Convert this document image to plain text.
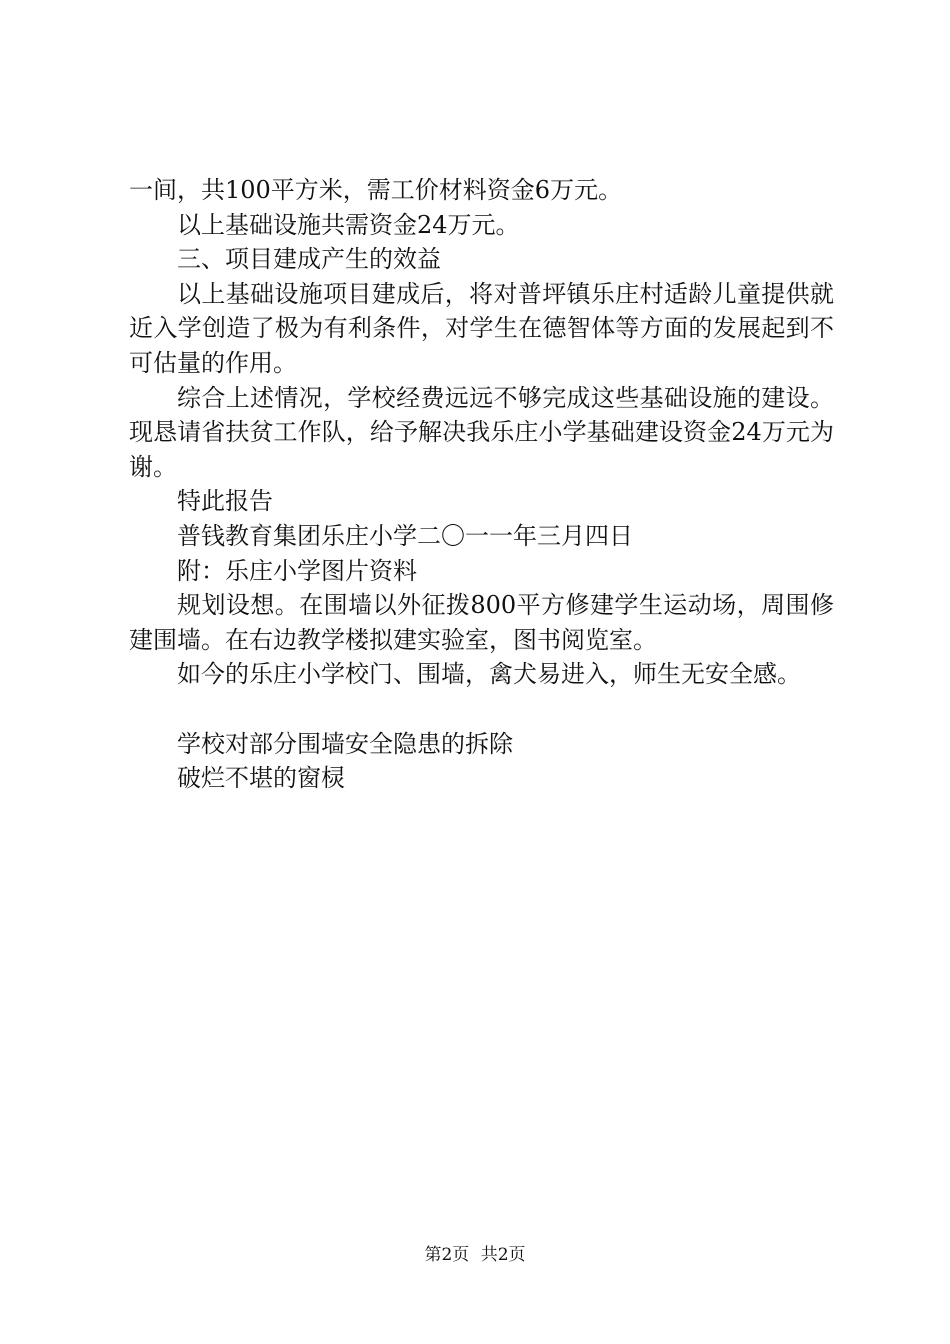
一间，共100平方米，需工价材料资金6万元。

以上基础设施共需资金24万元。

三、项目建成产生的效益

以上基础设施项目建成后，将对普坪镇乐庄村适龄儿童提供就近入学创造了极为有利条件，对学生在德智体等方面的发展起到不可估量的作用。

综合上述情况，学校经费远远不够完成这些基础设施的建设。现恳请省扶贫工作队，给予解决我乐庄小学基础建设资金24万元为谢。

特此报告

普钱教育集团乐庄小学二〇一一年三月四日

附：乐庄小学图片资料

规划设想。在围墙以外征拨800平方修建学生运动场，周围修建围墙。在右边教学楼拟建实验室，图书阅览室。

如今的乐庄小学校门、围墙，禽犬易进入，师生无安全感。

学校对部分围墙安全隐患的拆除

破烂不堪的窗棂

第2页 共2页
